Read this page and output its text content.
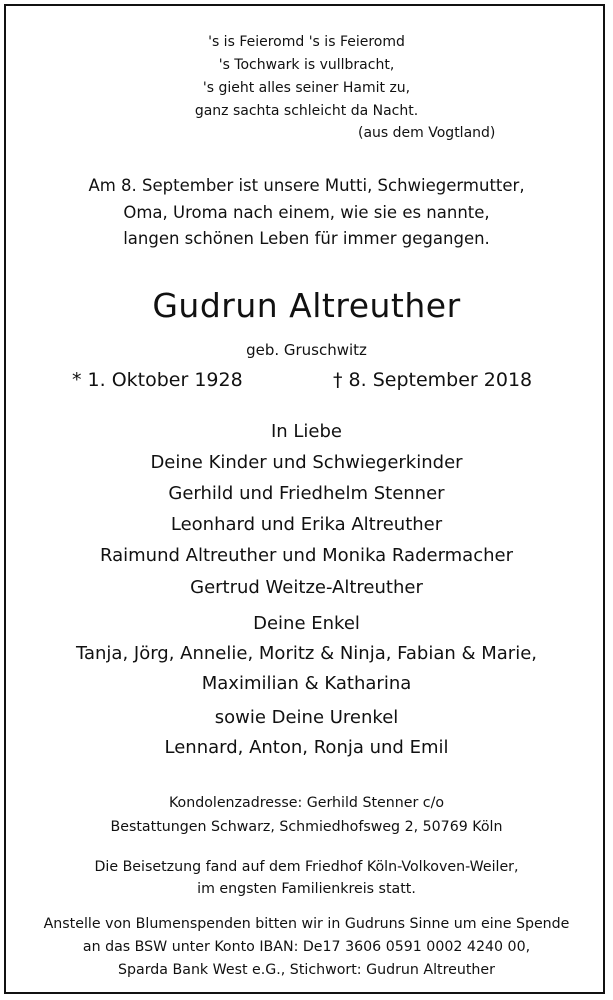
's is Feieromd 's is Feieromd
's Tochwark is vullbracht,
's gieht alles seiner Hamit zu,
ganz sachta schleicht da Nacht.
(aus dem Vogtland)
Am 8. September ist unsere Mutti, Schwiegermutter,
Oma, Uroma nach einem, wie sie es nannte,
langen schönen Leben für immer gegangen.
Gudrun Altreuther
geb. Gruschwitz
* 1. Oktober 1928	† 8. September 2018
In Liebe
Deine Kinder und Schwiegerkinder
Gerhild und Friedhelm Stenner
Leonhard und Erika Altreuther
Raimund Altreuther und Monika Radermacher
Gertrud Weitze-Altreuther
Deine Enkel
Tanja, Jörg, Annelie, Moritz & Ninja, Fabian & Marie,
Maximilian & Katharina
sowie Deine Urenkel
Lennard, Anton, Ronja und Emil
Kondolenzadresse: Gerhild Stenner c/o
Bestattungen Schwarz, Schmiedhofsweg 2, 50769 Köln
Die Beisetzung fand auf dem Friedhof Köln-Volkoven-Weiler,
im engsten Familienkreis statt.
Anstelle von Blumenspenden bitten wir in Gudruns Sinne um eine Spende
an das BSW unter Konto IBAN: De17 3606 0591 0002 4240 00,
Sparda Bank West e.G., Stichwort: Gudrun Altreuther
